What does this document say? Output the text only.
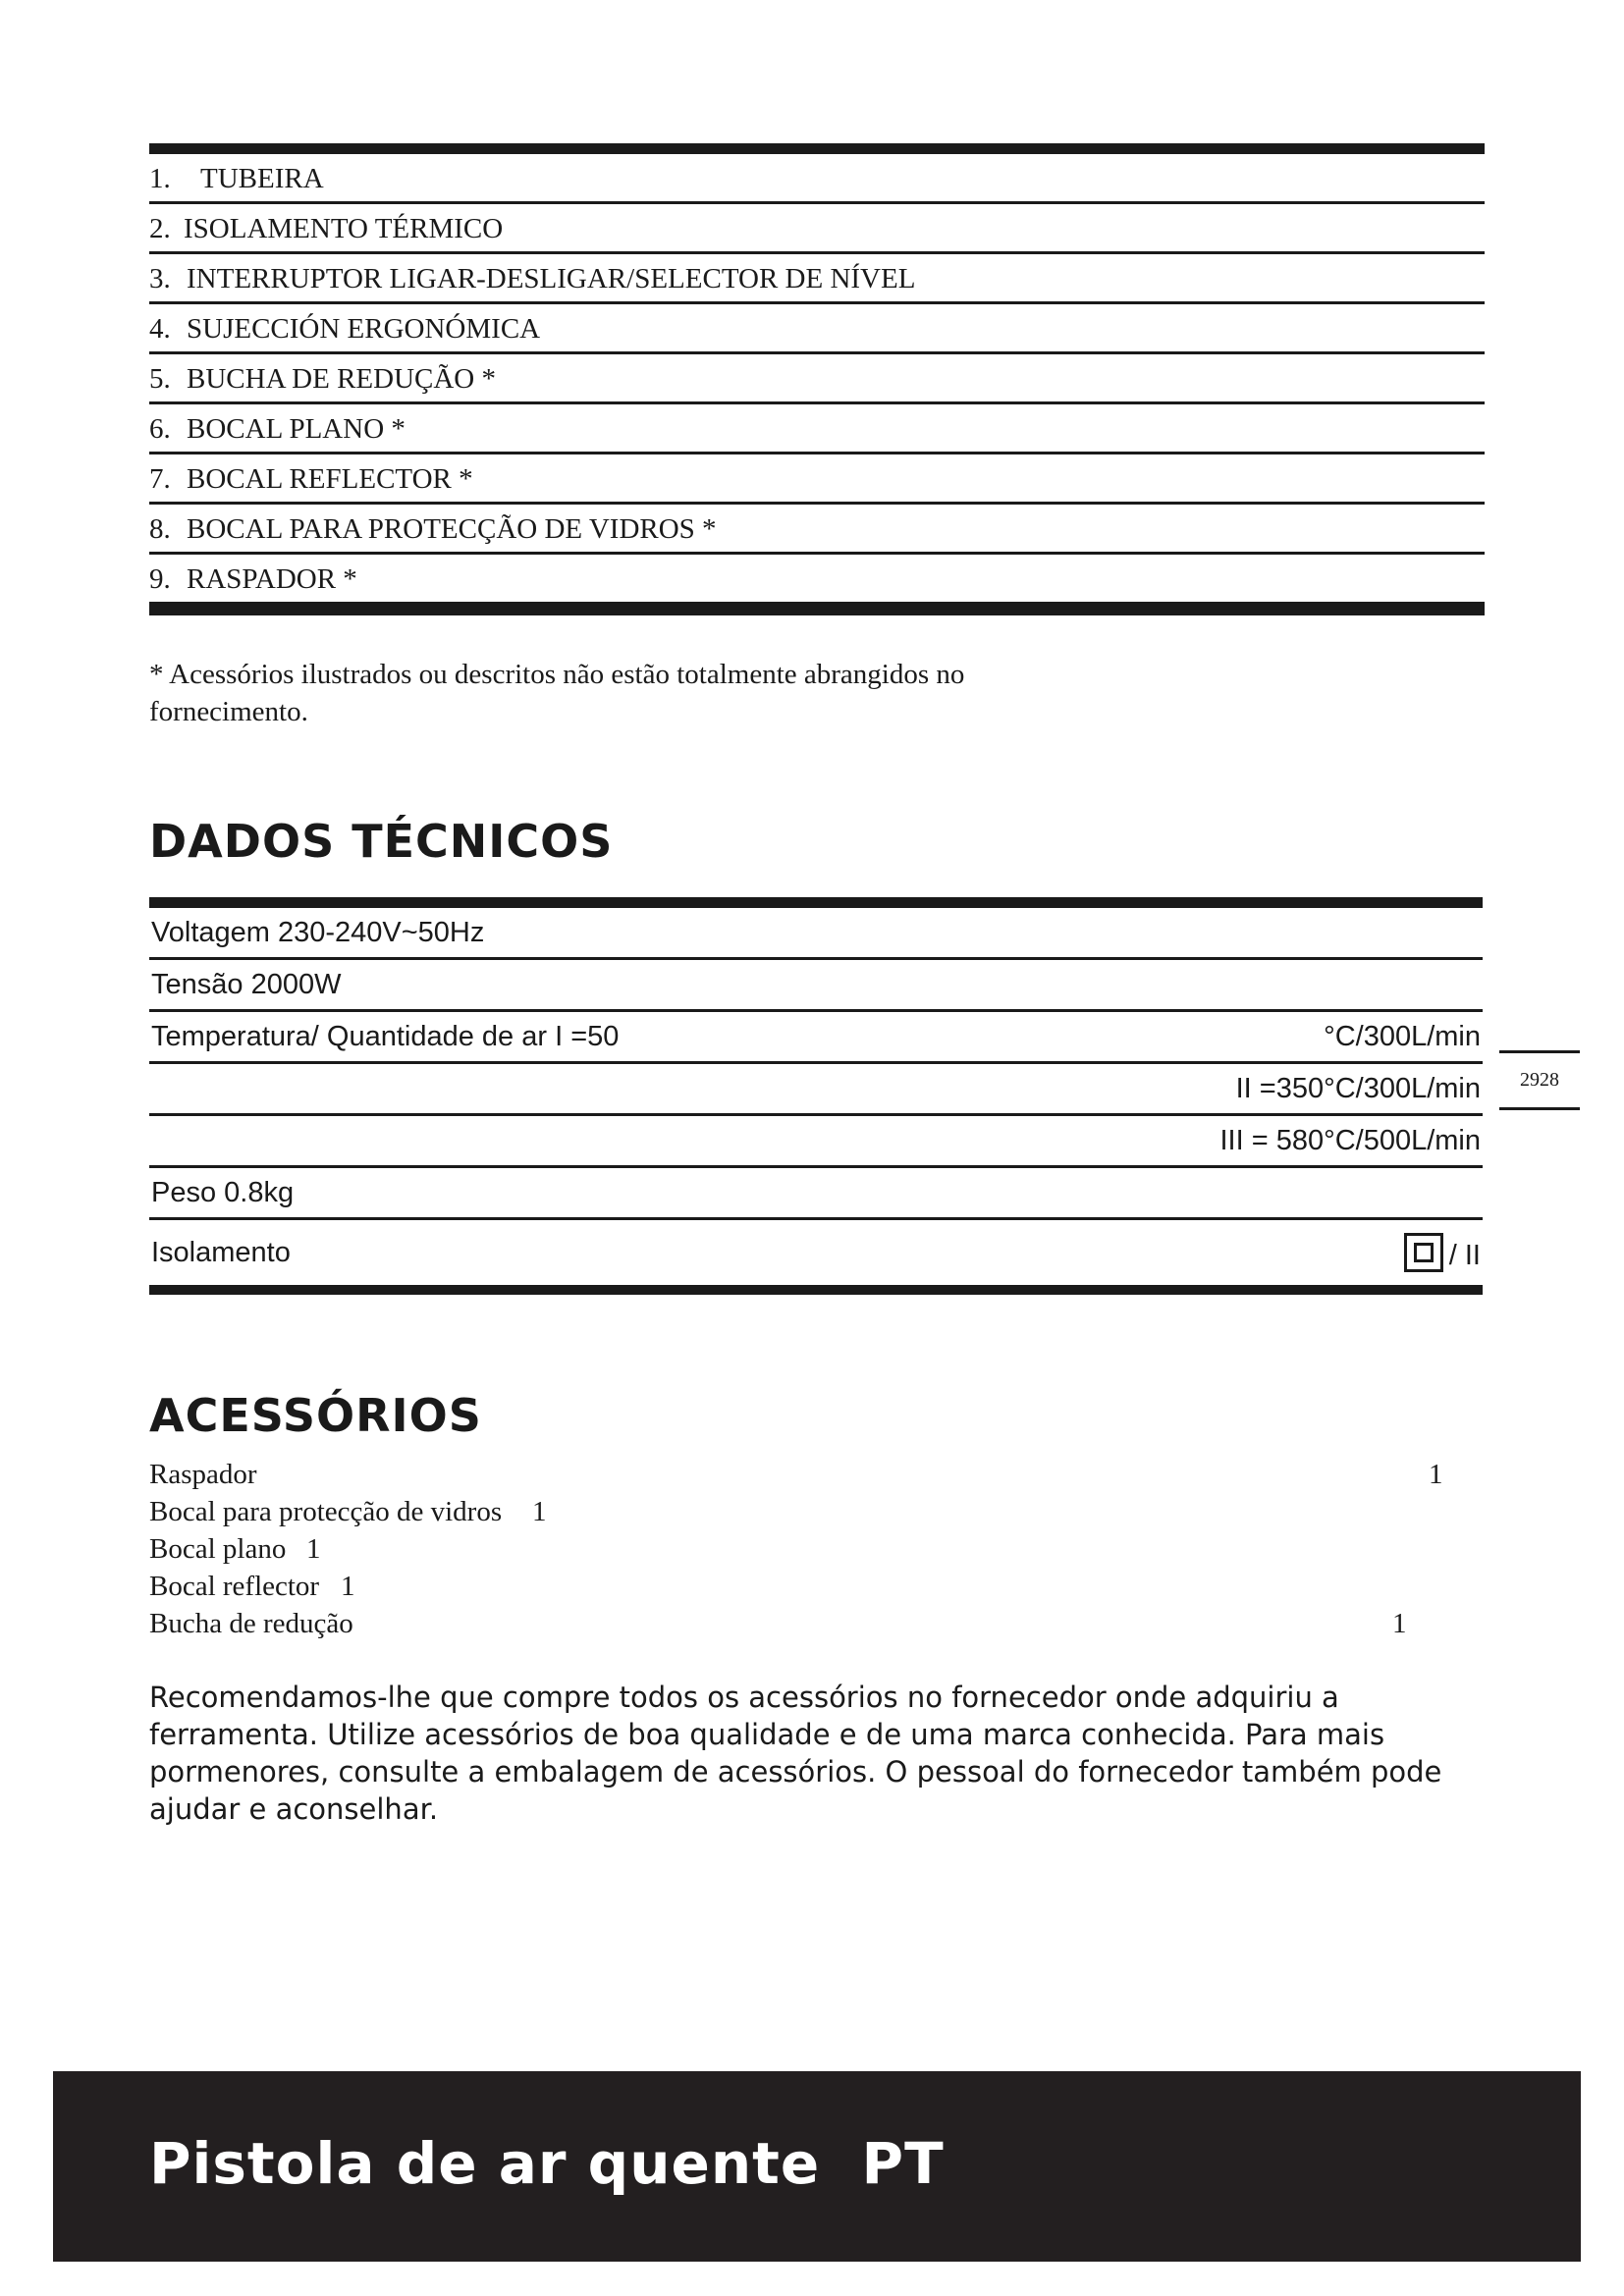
1.	TUBEIRA
2. ISOLAMENTO TÉRMICO
3. INTERRUPTOR LIGAR-DESLIGAR/SELECTOR DE NÍVEL
4. SUJECCIÓN ERGONÓMICA
5. BUCHA DE REDUÇÃO *
6. BOCAL PLANO *
7. BOCAL REFLECTOR *
8. BOCAL PARA PROTECÇÃO DE VIDROS *
9. RASPADOR *
* Acessórios ilustrados ou descritos não estão totalmente abrangidos no
fornecimento.
DADOS TÉCNICOS
Voltagem 230-240V~50Hz
Tensão 2000W
Temperatura/ Quantidade de ar I =50	°C/300L/min
II =350°C/300L/min
III = 580°C/500L/min
Peso 0.8kg
Isolamento	/ II
2928
ACESSÓRIOS
Raspador	1
Bocal para protecção de vidros 1
Bocal plano 1
Bocal reflector 1
Bucha de redução	1
Recomendamos-lhe que compre todos os acessórios no fornecedor onde adquiriu a
ferramenta. Utilize acessórios de boa qualidade e de uma marca conhecida. Para mais
pormenores, consulte a embalagem de acessórios. O pessoal do fornecedor também pode
ajudar e aconselhar.
Pistola de ar quente  PT
